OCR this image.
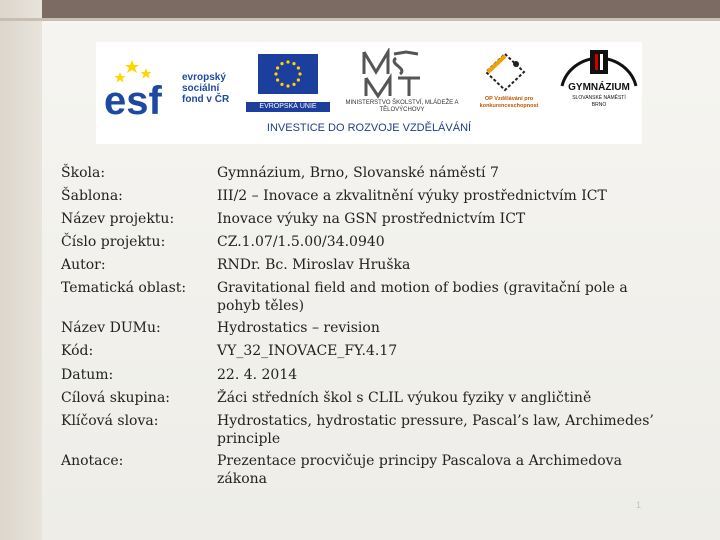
esf
evropský
sociální
fond v ČR
EVROPSKÁ UNIE	MINISTERSTVO ŠKOLSTVÍ, MLÁDEŽE A TĚLOVÝCHOVY
OP Vzdělávání pro konkurenceschopnost
GYMNÁZIUM
SLOVANSKÉ NÁMĚSTÍ
BRNO
INVESTICE DO ROZVOJE VZDĚLÁVÁNÍ
Škola:
Šablona:
Název projektu:
Číslo projektu:
Autor:
Tematická oblast:
Název DUMu:
Kód:
Datum:
Cílová skupina:
Klíčová slova:
Anotace:
Gymnázium, Brno, Slovanské náměstí 7
III/2 – Inovace a zkvalitnění výuky prostřednictvím ICT
Inovace výuky na GSN prostřednictvím ICT
CZ.1.07/1.5.00/34.0940
RNDr. Bc. Miroslav Hruška
Gravitational field and motion of bodies (gravitační pole a pohyb těles)
Hydrostatics – revision
VY_32_INOVACE_FY.4.17
22. 4. 2014
Žáci středních škol s CLIL výukou fyziky v angličtině
Hydrostatics, hydrostatic pressure, Pascal’s law, Archimedes’ principle
Prezentace procvičuje principy Pascalova a Archimedova zákona
1
